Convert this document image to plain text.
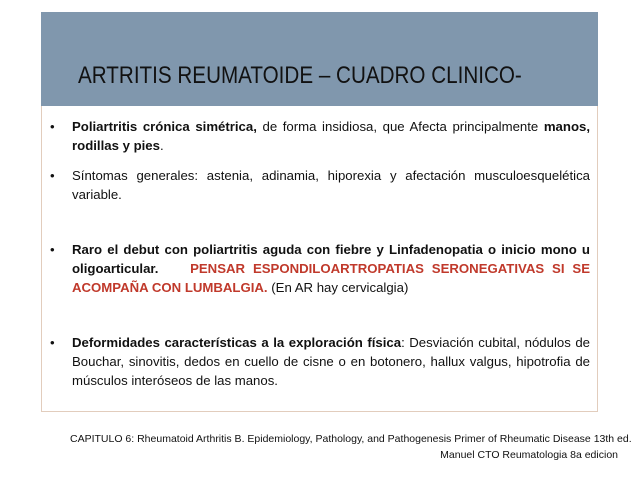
ARTRITIS REUMATOIDE – CUADRO CLINICO-
• Poliartritis crónica simétrica, de forma insidiosa, que Afecta principalmente manos, rodillas y pies.
• Síntomas generales: astenia, adinamia, hiporexia y afectación musculoesquelética variable.
• Raro el debut con poliartritis aguda con fiebre y Linfadenopatia o inicio mono u oligoarticular. PENSAR ESPONDILOARTROPATIAS SERONEGATIVAS SI SE ACOMPAÑA CON LUMBALGIA. (En AR hay cervicalgia)
• Deformidades características a la exploración física: Desviación cubital, nódulos de Bouchar, sinovitis, dedos en cuello de cisne o en botonero, hallux valgus, hipotrofia de músculos interóseos de las manos.
CAPITULO 6: Rheumatoid Arthritis B. Epidemiology, Pathology, and Pathogenesis Primer of Rheumatic Disease 13th ed.
Manuel CTO Reumatologia 8a edicion
